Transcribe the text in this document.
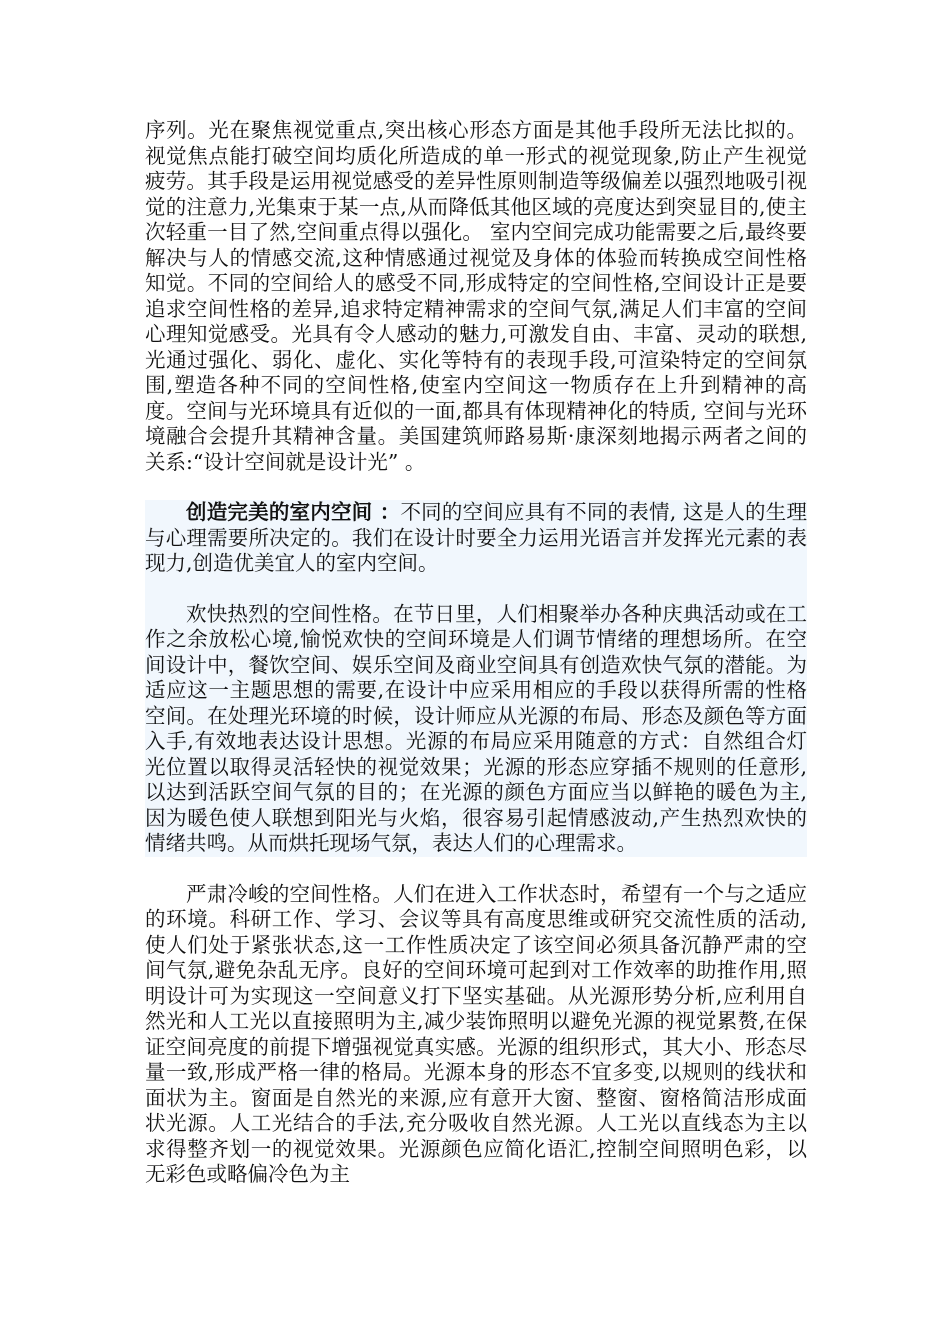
序列。光在聚焦视觉重点,突出核心形态方面是其他手段所无法比拟的。视觉焦点能打破空间均质化所造成的单一形式的视觉现象,防止产生视觉疲劳。其手段是运用视觉感受的差异性原则制造等级偏差以强烈地吸引视觉的注意力,光集束于某一点,从而降低其他区域的亮度达到突显目的,使主次轻重一目了然,空间重点得以强化。 室内空间完成功能需要之后,最终要解决与人的情感交流,这种情感通过视觉及身体的体验而转换成空间性格知觉。不同的空间给人的感受不同,形成特定的空间性格,空间设计正是要追求空间性格的差异,追求特定精神需求的空间气氛,满足人们丰富的空间心理知觉感受。光具有令人感动的魅力,可激发自由、丰富、灵动的联想,光通过强化、弱化、虚化、实化等特有的表现手段,可渲染特定的空间氛围,塑造各种不同的空间性格,使室内空间这一物质存在上升到精神的高度。空间与光环境具有近似的一面,都具有体现精神化的特质, 空间与光环境融合会提升其精神含量。美国建筑师路易斯·康深刻地揭示两者之间的关系:“设计空间就是设计光” 。

创造完美的室内空间 ：不同的空间应具有不同的表情, 这是人的生理与心理需要所决定的。我们在设计时要全力运用光语言并发挥光元素的表现力,创造优美宜人的室内空间。

欢快热烈的空间性格。在节日里，人们相聚举办各种庆典活动或在工作之余放松心境,愉悦欢快的空间环境是人们调节情绪的理想场所。在空间设计中，餐饮空间、娱乐空间及商业空间具有创造欢快气氛的潜能。为适应这一主题思想的需要,在设计中应采用相应的手段以获得所需的性格空间。在处理光环境的时候，设计师应从光源的布局、形态及颜色等方面入手,有效地表达设计思想。光源的布局应采用随意的方式：自然组合灯光位置以取得灵活轻快的视觉效果；光源的形态应穿插不规则的任意形,以达到活跃空间气氛的目的；在光源的颜色方面应当以鲜艳的暖色为主,因为暖色使人联想到阳光与火焰，很容易引起情感波动,产生热烈欢快的情绪共鸣。从而烘托现场气氛，表达人们的心理需求。

严肃冷峻的空间性格。人们在进入工作状态时，希望有一个与之适应的环境。科研工作、学习、会议等具有高度思维或研究交流性质的活动,使人们处于紧张状态,这一工作性质决定了该空间必须具备沉静严肃的空间气氛,避免杂乱无序。良好的空间环境可起到对工作效率的助推作用,照明设计可为实现这一空间意义打下坚实基础。从光源形势分析,应利用自然光和人工光以直接照明为主,减少装饰照明以避免光源的视觉累赘,在保证空间亮度的前提下增强视觉真实感。光源的组织形式，其大小、形态尽量一致,形成严格一律的格局。光源本身的形态不宜多变,以规则的线状和面状为主。窗面是自然光的来源,应有意开大窗、整窗、窗格简洁形成面状光源。人工光结合的手法,充分吸收自然光源。人工光以直线态为主以求得整齐划一的视觉效果。光源颜色应简化语汇,控制空间照明色彩，以无彩色或略偏冷色为主
